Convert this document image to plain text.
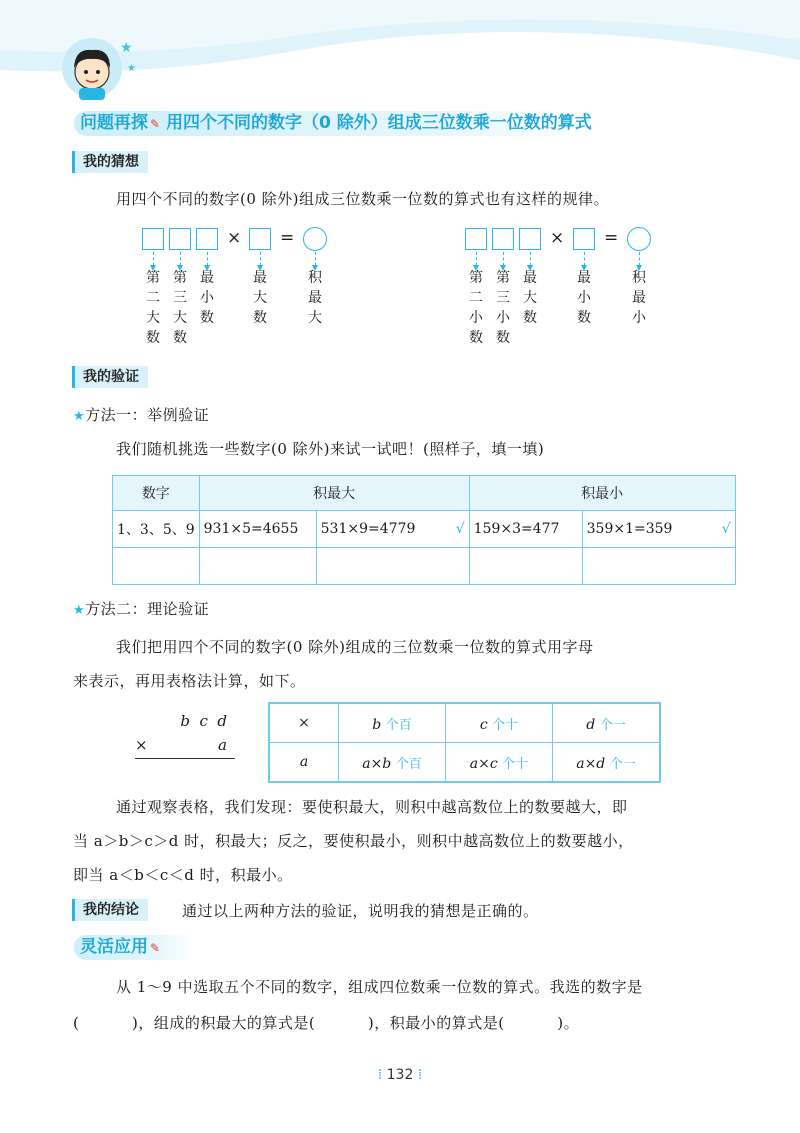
★
★
问题再探 ✎ 用四个不同的数字（0 除外）组成三位数乘一位数的算式
我的猜想
用四个不同的数字(0 除外)组成三位数乘一位数的算式也有这样的规律。
× =
第二大数
第三大数
最小数
最大数
积最大
× =
第二小数
第三小数
最大数
最小数
积最小
我的验证
★方法一：举例验证
我们随机挑选一些数字(0 除外)来试一试吧！(照样子，填一填)
数字	积最大		积最小	
1、3、5、9	931×5=4655	531×9=4779 √	159×3=477	359×1=359 √

★方法二：理论验证
我们把用四个不同的数字(0 除外)组成的三位数乘一位数的算式用字母
来表示，再用表格法计算，如下。
b  c  d
×	a
×	b 个百	c 个十	d 个一
a	a×b 个百	a×c 个十	a×d 个一
通过观察表格，我们发现：要使积最大，则积中越高数位上的数要越大，即
当 a＞b＞c＞d 时，积最大；反之，要使积最小，则积中越高数位上的数要越小，
即当 a＜b＜c＜d 时，积最小。
我的结论	通过以上两种方法的验证，说明我的猜想是正确的。
灵活应用 ✎
从 1～9 中选取五个不同的数字，组成四位数乘一位数的算式。我选的数字是
(          )，组成的积最大的算式是(          )，积最小的算式是(          )。
⁞ 132 ⁞
